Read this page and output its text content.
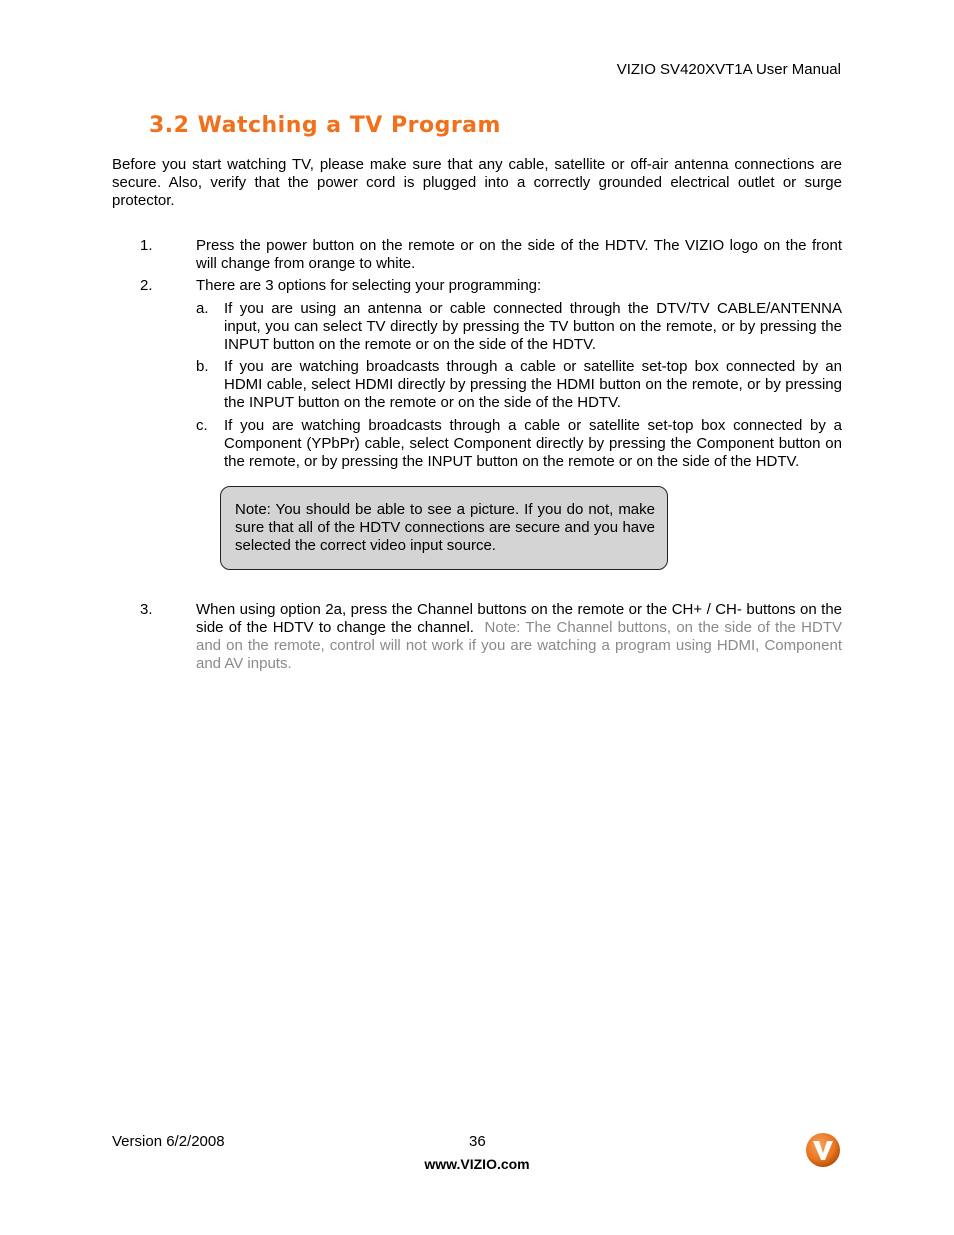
VIZIO SV420XVT1A User Manual
3.2 Watching a TV Program
Before you start watching TV, please make sure that any cable, satellite or off-air antenna connections are secure. Also, verify that the power cord is plugged into a correctly grounded electrical outlet or surge protector.
1.	Press the power button on the remote or on the side of the HDTV. The VIZIO logo on the front will change from orange to white.
2.	There are 3 options for selecting your programming:
a. If you are using an antenna or cable connected through the DTV/TV CABLE/ANTENNA input, you can select TV directly by pressing the TV button on the remote, or by pressing the INPUT button on the remote or on the side of the HDTV.
b. If you are watching broadcasts through a cable or satellite set-top box connected by an HDMI cable, select HDMI directly by pressing the HDMI button on the remote, or by pressing the INPUT button on the remote or on the side of the HDTV.
c. If you are watching broadcasts through a cable or satellite set-top box connected by a Component (YPbPr) cable, select Component directly by pressing the Component button on the remote, or by pressing the INPUT button on the remote or on the side of the HDTV.
Note: You should be able to see a picture. If you do not, make sure that all of the HDTV connections are secure and you have selected the correct video input source.
3.	When using option 2a, press the Channel buttons on the remote or the CH+ / CH- buttons on the side of the HDTV to change the channel. Note: The Channel buttons, on the side of the HDTV and on the remote, control will not work if you are watching a program using HDMI, Component and AV inputs.
Version 6/2/2008	36
www.VIZIO.com
